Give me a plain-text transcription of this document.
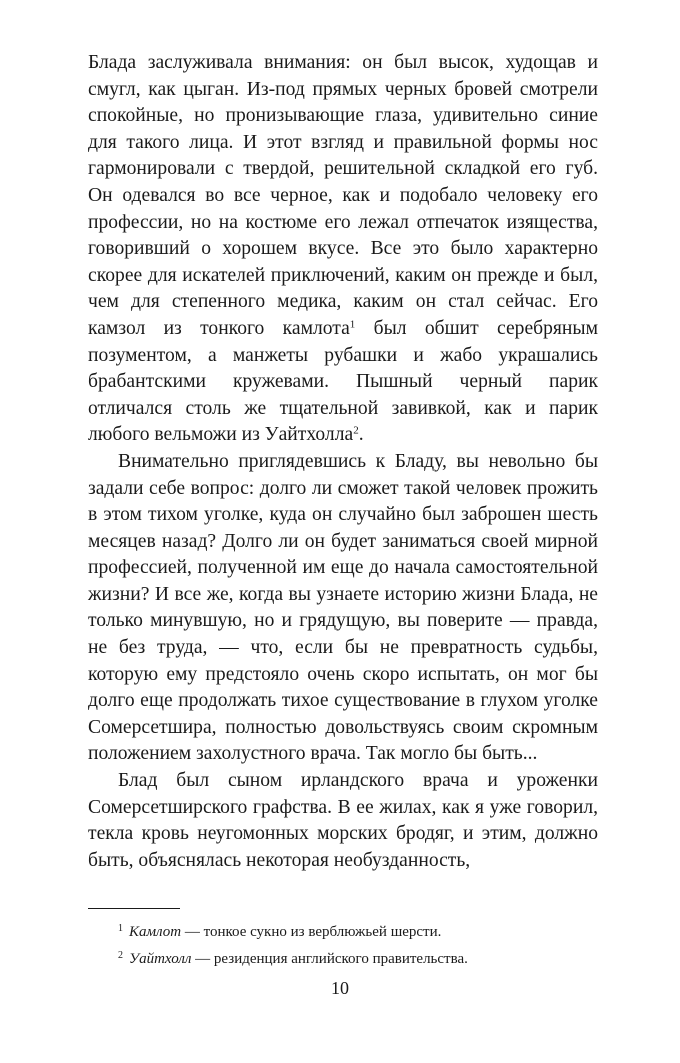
Блада заслуживала внимания: он был высок, худощав и смугл, как цыган. Из-под прямых черных бровей смотрели спокойные, но пронизывающие глаза, удивительно синие для такого лица. И этот взгляд и правильной формы нос гармонировали с твердой, решительной складкой его губ. Он одевался во все черное, как и подобало человеку его профессии, но на костюме его лежал отпечаток изящества, говоривший о хорошем вкусе. Все это было характерно скорее для искателей приключений, каким он прежде и был, чем для степенного медика, каким он стал сейчас. Его камзол из тонкого камлота$^1$ был обшит серебряным позументом, а манжеты рубашки и жабо украшались брабантскими кружевами. Пышный черный парик отличался столь же тщательной завивкой, как и парик любого вельможи из Уайтхолла$^2$.

Внимательно приглядевшись к Бладу, вы невольно бы задали себе вопрос: долго ли сможет такой человек прожить в этом тихом уголке, куда он случайно был заброшен шесть месяцев назад? Долго ли он будет заниматься своей мирной профессией, полученной им еще до начала самостоятельной жизни? И все же, когда вы узнаете историю жизни Блада, не только минувшую, но и грядущую, вы поверите — правда, не без труда, — что, если бы не превратность судьбы, которую ему предстояло очень скоро испытать, он мог бы долго еще продолжать тихое существование в глухом уголке Сомерсетшира, полностью довольствуясь своим скромным положением захолустного врача. Так могло бы быть...

Блад был сыном ирландского врача и уроженки Сомерсетширского графства. В ее жилах, как я уже говорил, текла кровь неугомонных морских бродяг, и этим, должно быть, объяснялась некоторая необузданность,

$^1$ Камлот — тонкое сукно из верблюжьей шерсти.

$^2$ Уайтхолл — резиденция английского правительства.

10
